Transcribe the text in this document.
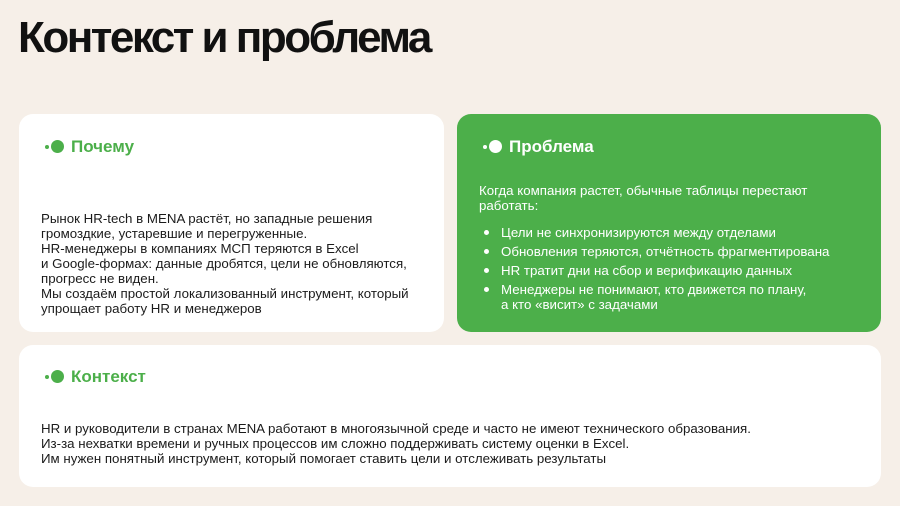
Контекст и проблема
Почему
Рынок HR-tech в MENA растёт, но западные решения
громоздкие, устаревшие и перегруженные.
HR-менеджеры в компаниях МСП теряются в Excel
и Google-формах: данные дробятся, цели не обновляются,
прогресс не виден.
Мы создаём простой локализованный инструмент, который
упрощает работу HR и менеджеров
Проблема
Когда компания растет, обычные таблицы перестают
работать:
Цели не синхронизируются между отделами
Обновления теряются, отчётность фрагментирована
HR тратит дни на сбор и верификацию данных
Менеджеры не понимают, кто движется по плану,
а кто «висит» с задачами
Контекст
HR и руководители в странах MENA работают в многоязычной среде и часто не имеют технического образования.
Из-за нехватки времени и ручных процессов им сложно поддерживать систему оценки в Excel.
Им нужен понятный инструмент, который помогает ставить цели и отслеживать результаты
